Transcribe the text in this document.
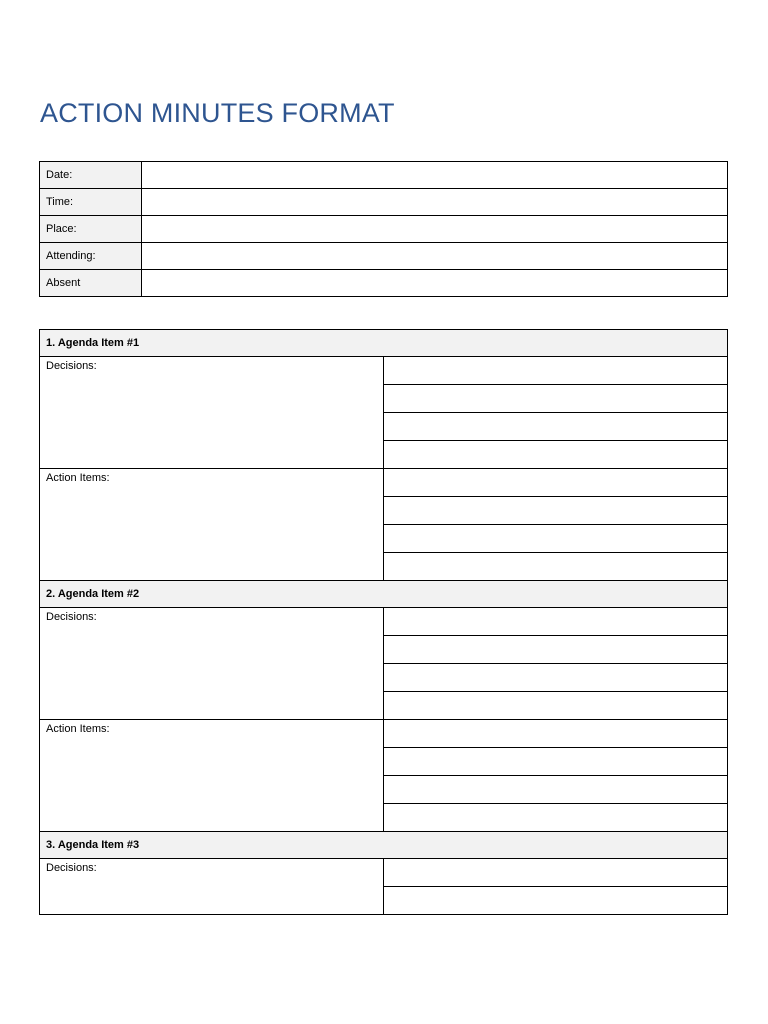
ACTION MINUTES FORMAT
Date:	
Time:	
Place:	
Attending:	
Absent	
1. Agenda Item #1	
Decisions:	

Action Items:	

2. Agenda Item #2	
Decisions:	

Action Items:	

3. Agenda Item #3	
Decisions:	
